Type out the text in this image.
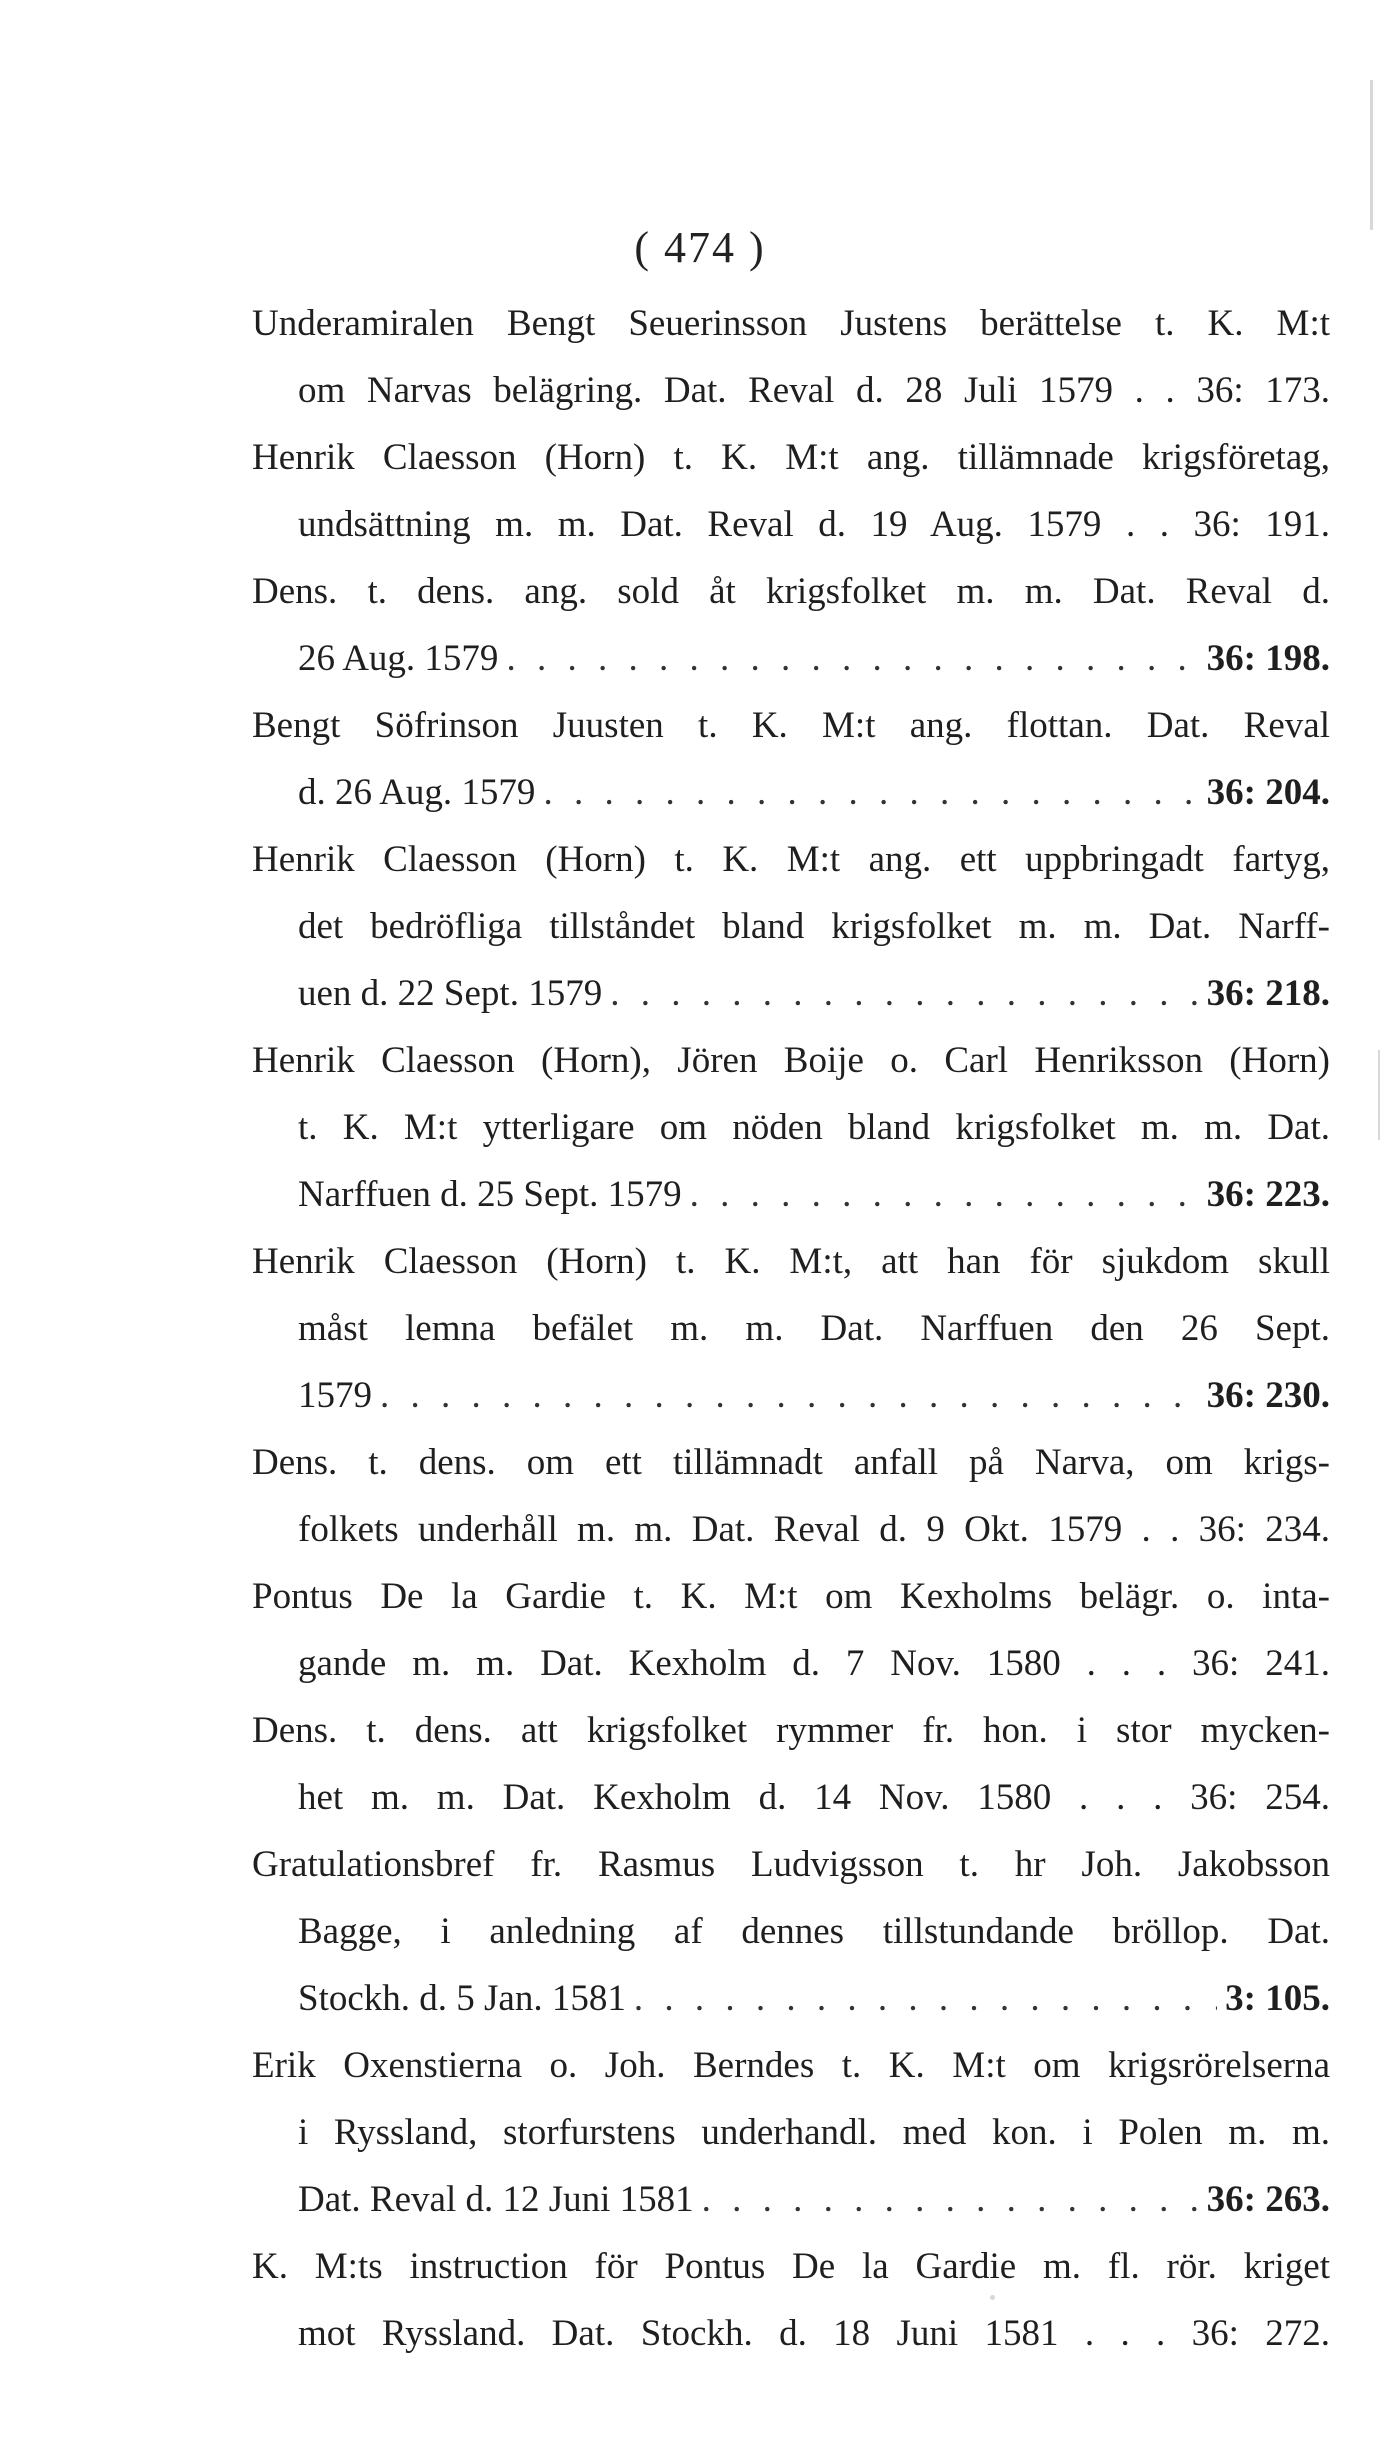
( 474 )
Underamiralen Bengt Seuerinsson Justens berättelse t. K. M:t
om Narvas belägring. Dat. Reval d. 28 Juli 1579 . . 36: 173.
Henrik Claesson (Horn) t. K. M:t ang. tillämnade krigsföretag,
undsättning m. m. Dat. Reval d. 19 Aug. 1579 . . 36: 191.
Dens. t. dens. ang. sold åt krigsfolket m. m. Dat. Reval d.
26 Aug. 1579 . . .	36: 198.
Bengt Söfrinson Juusten t. K. M:t ang. flottan. Dat. Reval
d. 26 Aug. 1579 . . .	36: 204.
Henrik Claesson (Horn) t. K. M:t ang. ett uppbringadt fartyg,
det bedröfliga tillståndet bland krigsfolket m. m. Dat. Narff-
uen d. 22 Sept. 1579 . . .	36: 218.
Henrik Claesson (Horn), Jören Boije o. Carl Henriksson (Horn)
t. K. M:t ytterligare om nöden bland krigsfolket m. m. Dat.
Narffuen d. 25 Sept. 1579 . . .	36: 223.
Henrik Claesson (Horn) t. K. M:t, att han för sjukdom skull
måst lemna befälet m. m. Dat. Narffuen den 26 Sept.
1579 . . .	36: 230.
Dens. t. dens. om ett tillämnadt anfall på Narva, om krigs-
folkets underhåll m. m. Dat. Reval d. 9 Okt. 1579 . . 36: 234.
Pontus De la Gardie t. K. M:t om Kexholms belägr. o. inta-
gande m. m. Dat. Kexholm d. 7 Nov. 1580 . . . 36: 241.
Dens. t. dens. att krigsfolket rymmer fr. hon. i stor mycken-
het m. m. Dat. Kexholm d. 14 Nov. 1580 . . . 36: 254.
Gratulationsbref fr. Rasmus Ludvigsson t. hr Joh. Jakobsson
Bagge, i anledning af dennes tillstundande bröllop. Dat.
Stockh. d. 5 Jan. 1581 . . .	3: 105.
Erik Oxenstierna o. Joh. Berndes t. K. M:t om krigsrörelserna
i Ryssland, storfurstens underhandl. med kon. i Polen m. m.
Dat. Reval d. 12 Juni 1581 . . .	36: 263.
K. M:ts instruction för Pontus De la Gardie m. fl. rör. kriget
mot Ryssland. Dat. Stockh. d. 18 Juni 1581 . . . 36: 272.
